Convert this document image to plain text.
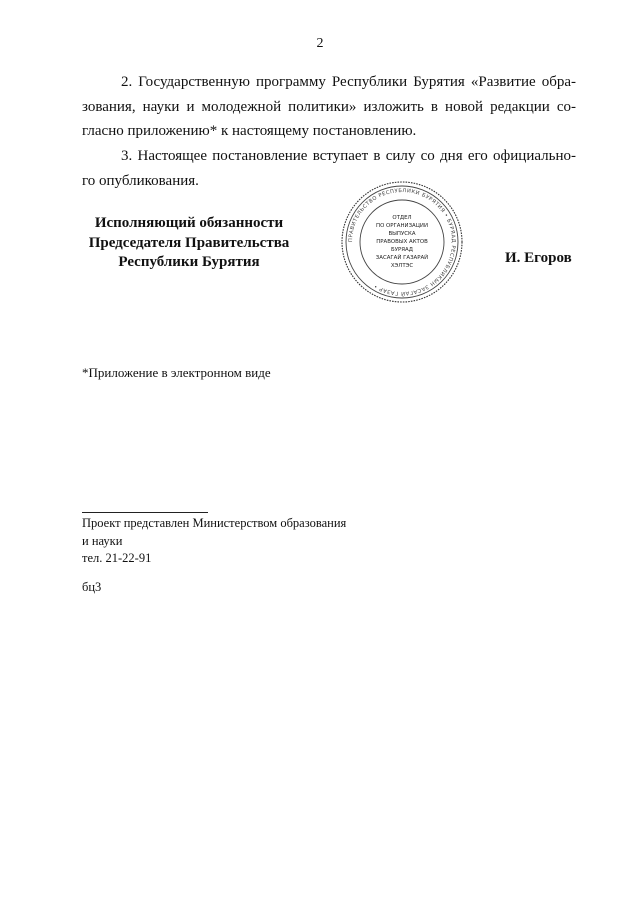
2
2. Государственную программу Республики Бурятия «Развитие обра-
зования, науки и молодежной политики» изложить в новой редакции со-
гласно приложению* к настоящему постановлению.
3. Настоящее постановление вступает в силу со дня его официально-
го опубликования.
Исполняющий обязанности
Председателя Правительства
Республики Бурятия
ПРАВИТЕЛЬСТВО РЕСПУБЛИКИ БУРЯТИЯ • БУРЯАД РЕСПУБЛИКЫН ЗАСАГАЙ ГАЗАР •
ОТДЕЛ
ПО ОРГАНИЗАЦИИ
ВЫПУСКА
ПРАВОВЫХ АКТОВ
БУРЯАД
ЗАСАГАЙ ГАЗАРАЙ
ХЭЛТЭС	И. Егоров
*Приложение в электронном виде
Проект представлен Министерством образования
и науки
тел. 21-22-91
бц3
